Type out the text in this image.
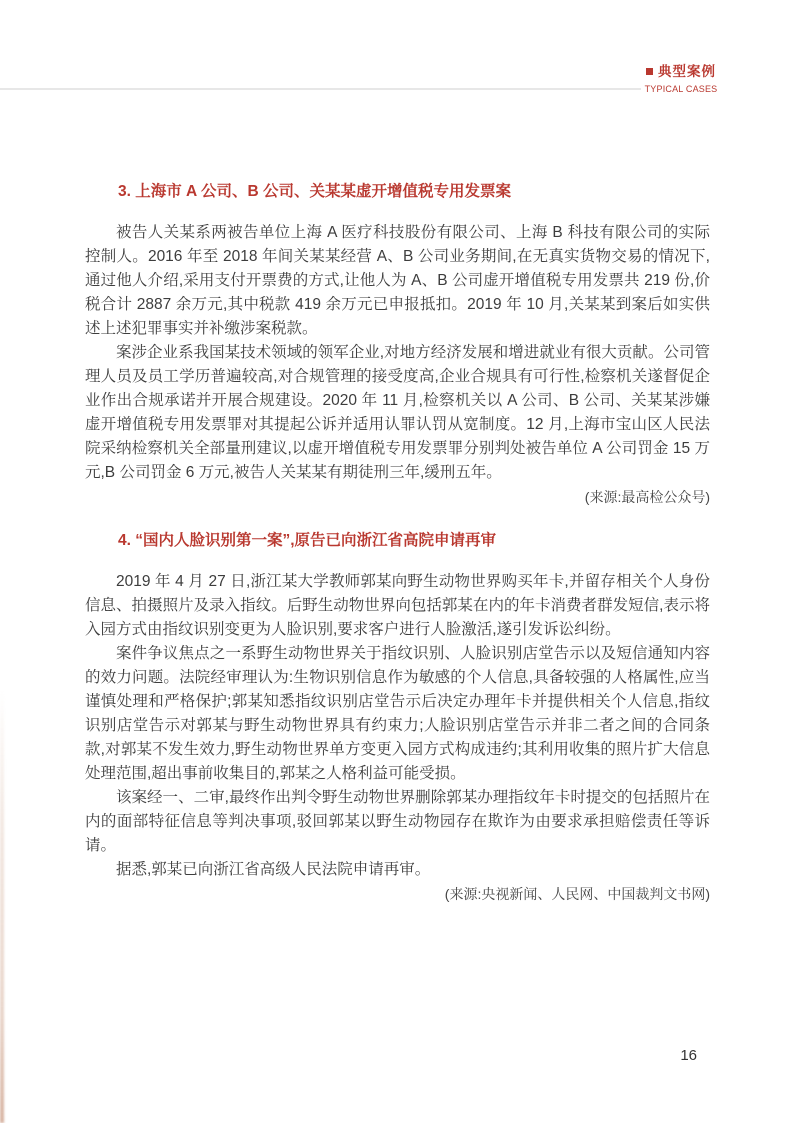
典型案例
TYPICAL CASES
3. 上海市 A 公司、B 公司、关某某虚开增值税专用发票案

被告人关某系两被告单位上海 A 医疗科技股份有限公司、上海 B 科技有限公司的实际控制人。2016 年至 2018 年间关某某经营 A、B 公司业务期间,在无真实货物交易的情况下,通过他人介绍,采用支付开票费的方式,让他人为 A、B 公司虚开增值税专用发票共 219 份,价税合计 2887 余万元,其中税款 419 余万元已申报抵扣。2019 年 10 月,关某某到案后如实供述上述犯罪事实并补缴涉案税款。

案涉企业系我国某技术领域的领军企业,对地方经济发展和增进就业有很大贡献。公司管理人员及员工学历普遍较高,对合规管理的接受度高,企业合规具有可行性,检察机关遂督促企业作出合规承诺并开展合规建设。2020 年 11 月,检察机关以 A 公司、B 公司、关某某涉嫌虚开增值税专用发票罪对其提起公诉并适用认罪认罚从宽制度。12 月,上海市宝山区人民法院采纳检察机关全部量刑建议,以虚开增值税专用发票罪分别判处被告单位 A 公司罚金 15 万元,B 公司罚金 6 万元,被告人关某某有期徒刑三年,缓刑五年。

(来源:最高检公众号)
4. “国内人脸识别第一案”,原告已向浙江省高院申请再审

2019 年 4 月 27 日,浙江某大学教师郭某向野生动物世界购买年卡,并留存相关个人身份信息、拍摄照片及录入指纹。后野生动物世界向包括郭某在内的年卡消费者群发短信,表示将入园方式由指纹识别变更为人脸识别,要求客户进行人脸激活,遂引发诉讼纠纷。

案件争议焦点之一系野生动物世界关于指纹识别、人脸识别店堂告示以及短信通知内容的效力问题。法院经审理认为:生物识别信息作为敏感的个人信息,具备较强的人格属性,应当谨慎处理和严格保护;郭某知悉指纹识别店堂告示后决定办理年卡并提供相关个人信息,指纹识别店堂告示对郭某与野生动物世界具有约束力;人脸识别店堂告示并非二者之间的合同条款,对郭某不发生效力,野生动物世界单方变更入园方式构成违约;其利用收集的照片扩大信息处理范围,超出事前收集目的,郭某之人格利益可能受损。

该案经一、二审,最终作出判令野生动物世界删除郭某办理指纹年卡时提交的包括照片在内的面部特征信息等判决事项,驳回郭某以野生动物园存在欺诈为由要求承担赔偿责任等诉请。

据悉,郭某已向浙江省高级人民法院申请再审。

(来源:央视新闻、人民网、中国裁判文书网)
16
